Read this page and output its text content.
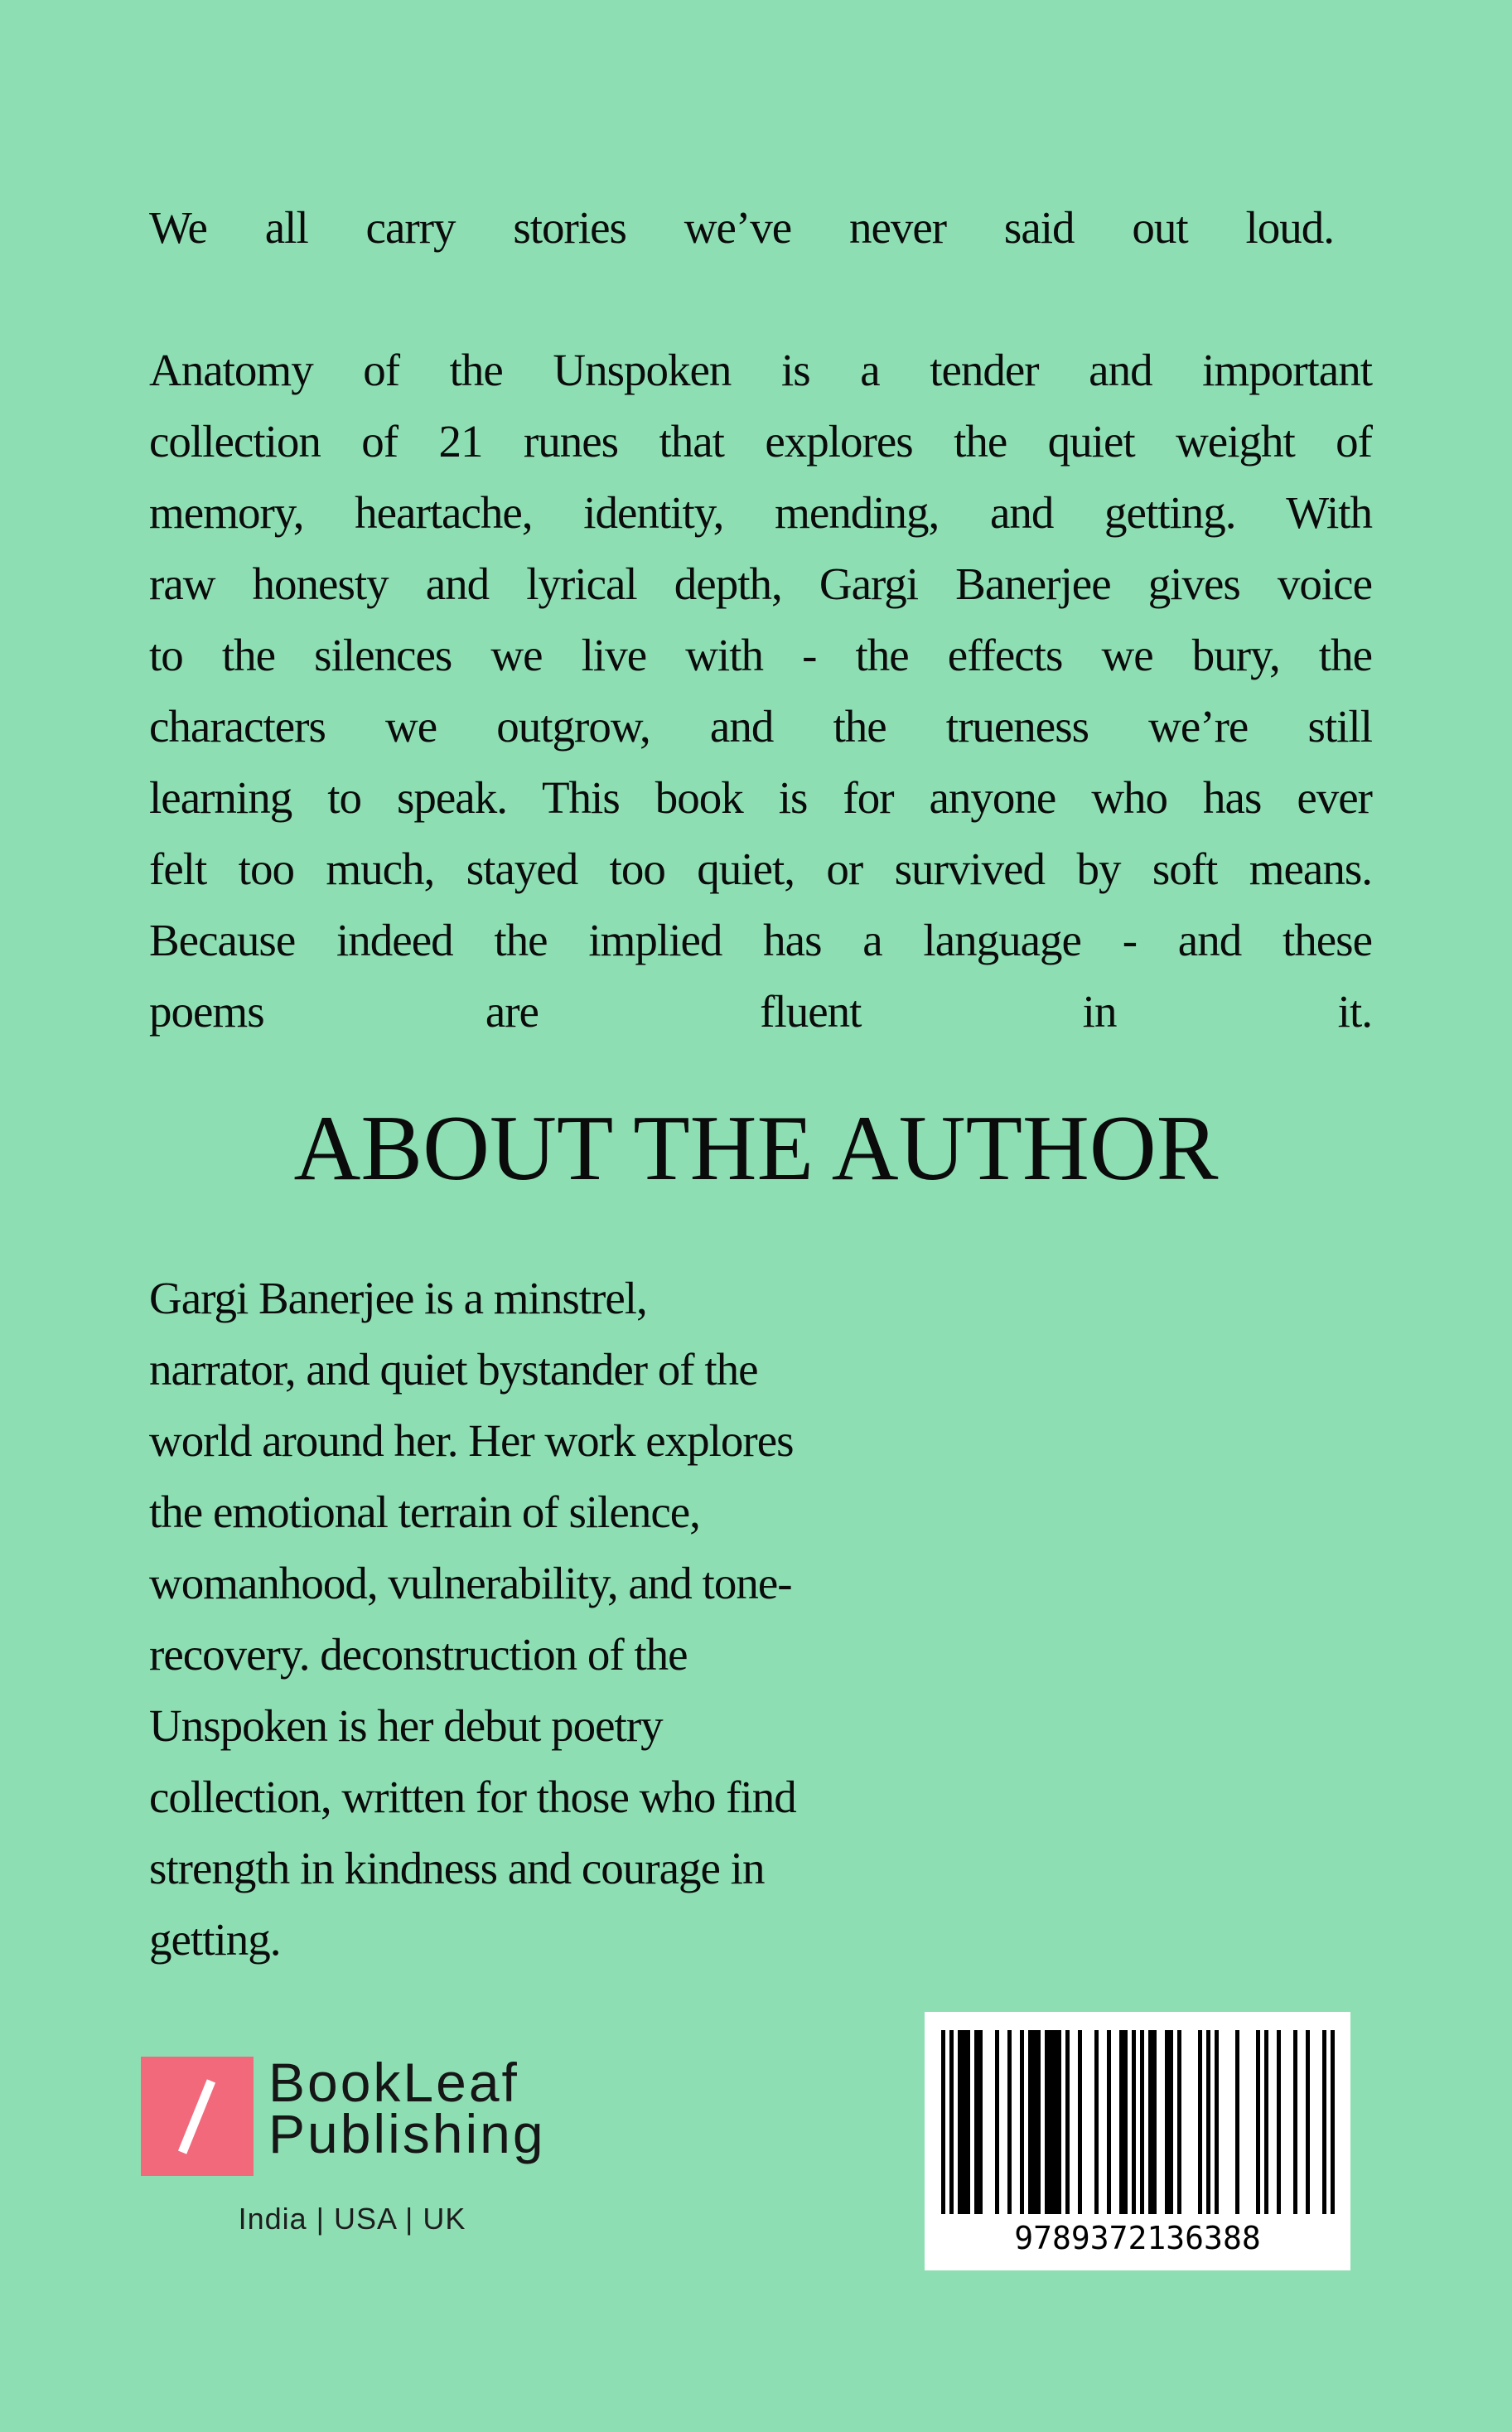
We all carry stories we’ve never said out loud.

Anatomy of the Unspoken is a tender and important
collection of 21 runes that explores the quiet weight of
memory, heartache, identity, mending, and getting. With
raw honesty and lyrical depth, Gargi Banerjee gives voice
to the silences we live with - the effects we bury, the
characters we outgrow, and the trueness we’re still
learning to speak. This book is for anyone who has ever
felt too much, stayed too quiet, or survived by soft means.
Because indeed the implied has a language - and these
poems are fluent in it.
ABOUT THE AUTHOR
Gargi Banerjee is a minstrel,
narrator, and quiet bystander of the
world around her. Her work explores
the emotional terrain of silence,
womanhood, vulnerability, and tone-
recovery. deconstruction of the
Unspoken is her debut poetry
collection, written for those who find
strength in kindness and courage in
getting.
BookLeaf
Publishing
India | USA | UK
9789372136388
